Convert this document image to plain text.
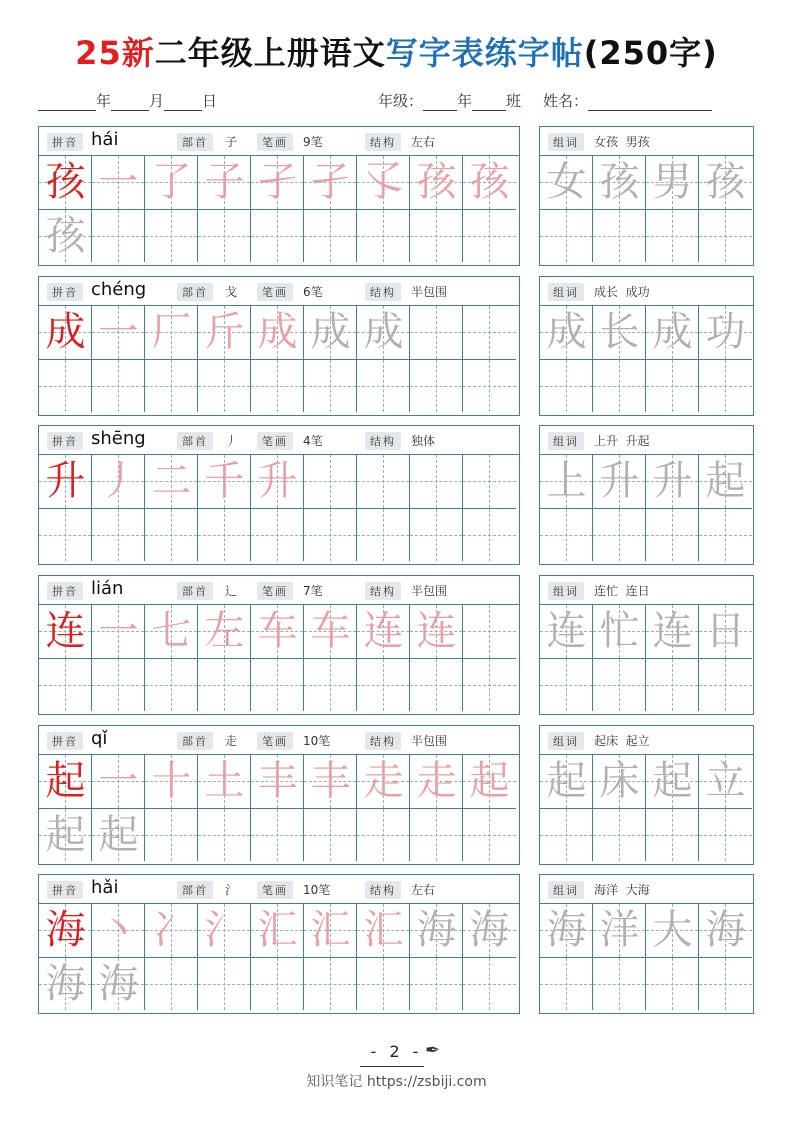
25新二年级上册语文写字表练字帖(250字)
年	月	日	年级： 年 班 姓名：
拼音 hái	部首	子	笔画	9笔	结构	左右
孩 一 了 子 孑 孑 孓 孩 孩
孩
组词	女孩  男孩
女 孩 男 孩
拼音 chéng	部首	戈	笔画	6笔	结构	半包围
成 一 厂 斤 成 成 成
组词	成长  成功
成 长 成 功
拼音 shēng	部首	丿	笔画	4笔	结构	独体
升 丿 二 千 升
组词	上升  升起
上 升 升 起
拼音 lián	部首	辶	笔画	7笔	结构	半包围
连 一 七 左 车 车 连 连
组词	连忙  连日
连 忙 连 日
拼音 qǐ	部首	走	笔画	10笔	结构	半包围
起 一 十 土 丰 丰 走 走 起
起 起
组词	起床  起立
起 床 起 立
拼音 hǎi	部首	氵	笔画	10笔	结构	左右
海 丶 冫 氵 汇 汇 汇 海 海
海 海
组词	海洋  大海
海 洋 大 海
- 2 - ✒
知识笔记 https://zsbiji.com
